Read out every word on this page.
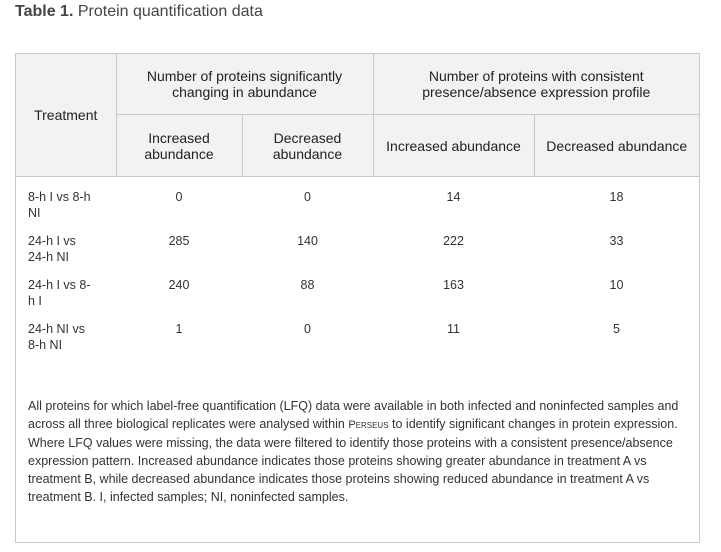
Table 1. Protein quantification data
Treatment	Number of proteins significantly changing in abundance		Number of proteins with consistent presence/absence expression profile	
	Increased abundance	Decreased abundance	Increased abundance	Decreased abundance
8-h I vs 8-h NI	0	0	14	18
24-h I vs 24-h NI	285	140	222	33
24-h I vs 8-h I	240	88	163	10
24-h NI vs 8-h NI	1	0	11	5
All proteins for which label-free quantification (LFQ) data were available in both infected and noninfected samples and across all three biological replicates were analysed within Perseus to identify significant changes in protein expression. Where LFQ values were missing, the data were filtered to identify those proteins with a consistent presence/absence expression pattern. Increased abundance indicates those proteins showing greater abundance in treatment A vs treatment B, while decreased abundance indicates those proteins showing reduced abundance in treatment A vs treatment B. I, infected samples; NI, noninfected samples.
